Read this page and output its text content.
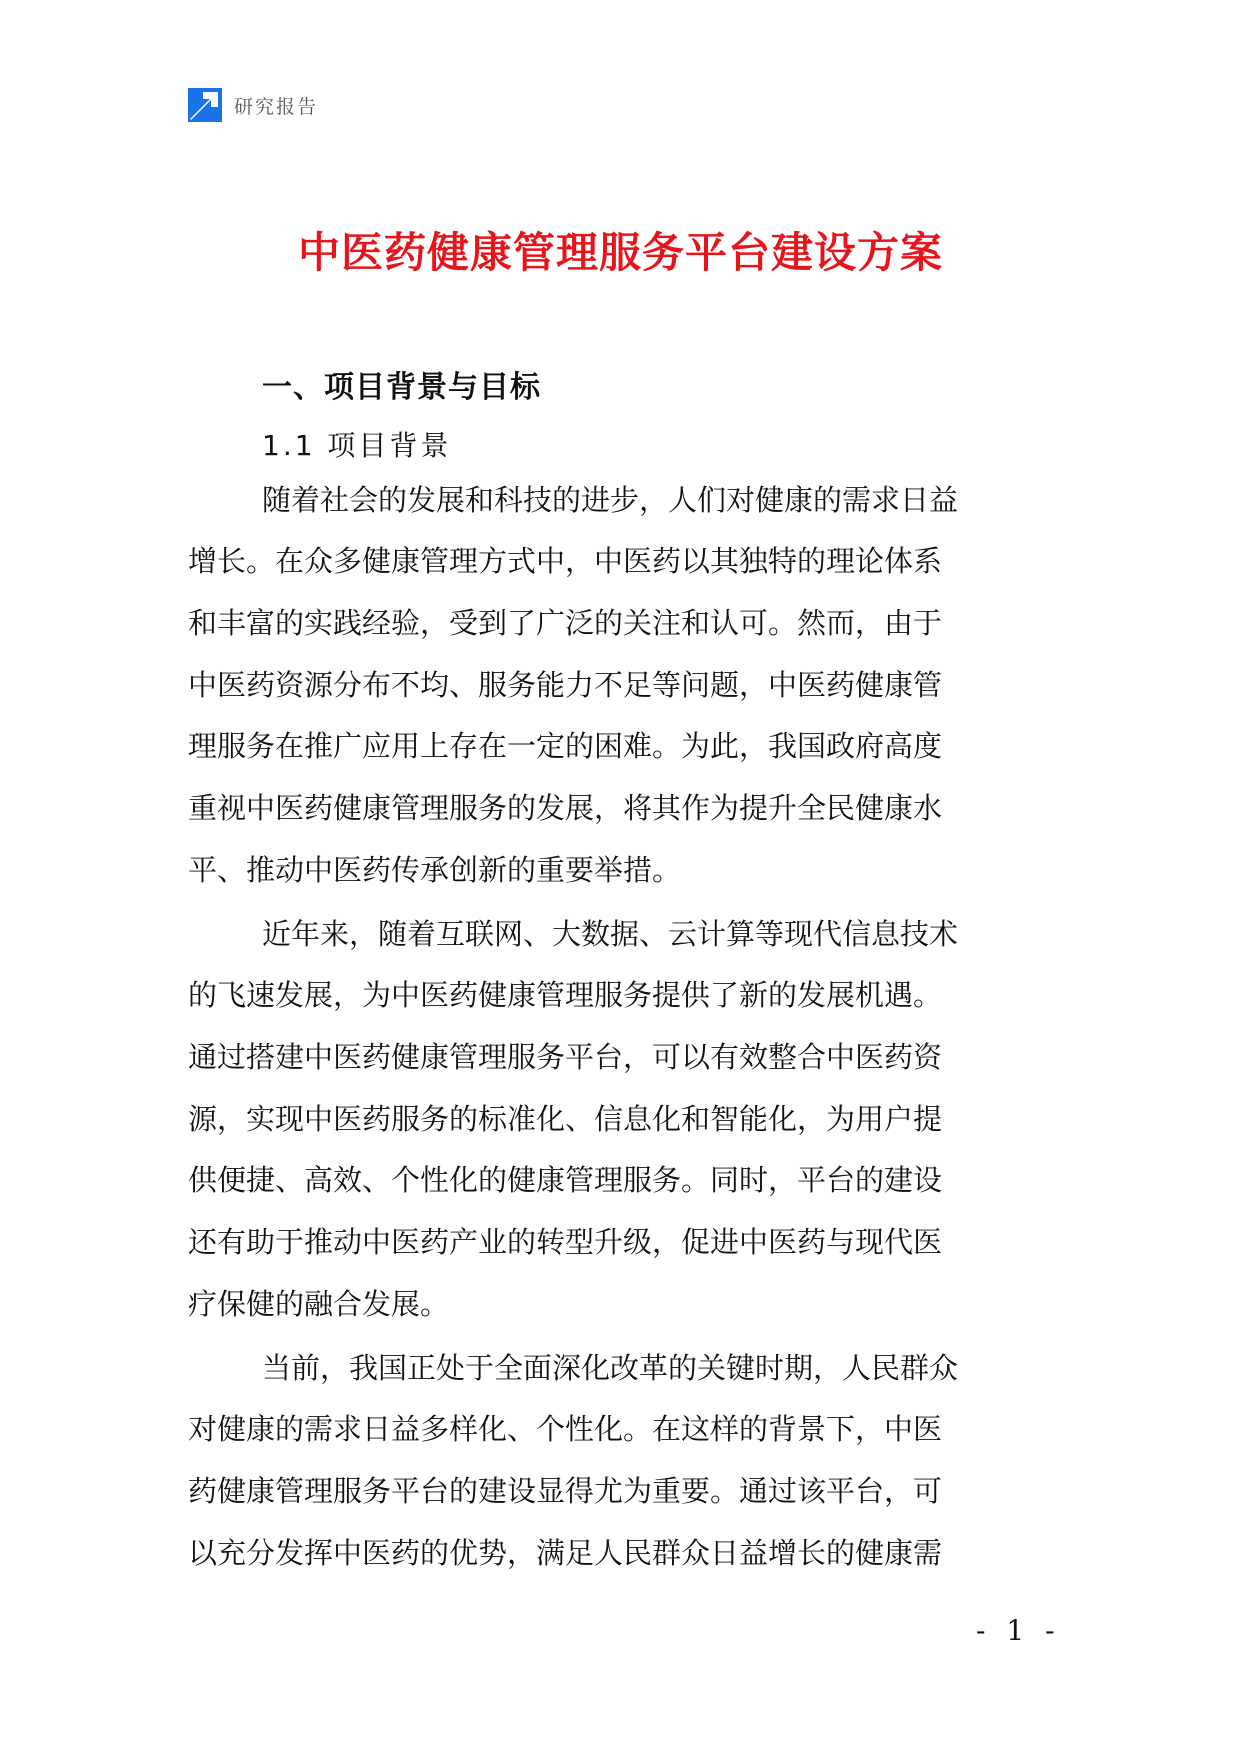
研究报告
中医药健康管理服务平台建设方案
一、项目背景与目标
1.1 项目背景
随着社会的发展和科技的进步，人们对健康的需求日益
增长。在众多健康管理方式中，中医药以其独特的理论体系
和丰富的实践经验，受到了广泛的关注和认可。然而，由于
中医药资源分布不均、服务能力不足等问题，中医药健康管
理服务在推广应用上存在一定的困难。为此，我国政府高度
重视中医药健康管理服务的发展，将其作为提升全民健康水
平、推动中医药传承创新的重要举措。
近年来，随着互联网、大数据、云计算等现代信息技术
的飞速发展，为中医药健康管理服务提供了新的发展机遇。
通过搭建中医药健康管理服务平台，可以有效整合中医药资
源，实现中医药服务的标准化、信息化和智能化，为用户提
供便捷、高效、个性化的健康管理服务。同时，平台的建设
还有助于推动中医药产业的转型升级，促进中医药与现代医
疗保健的融合发展。
当前，我国正处于全面深化改革的关键时期，人民群众
对健康的需求日益多样化、个性化。在这样的背景下，中医
药健康管理服务平台的建设显得尤为重要。通过该平台，可
以充分发挥中医药的优势，满足人民群众日益增长的健康需
- 1 -
